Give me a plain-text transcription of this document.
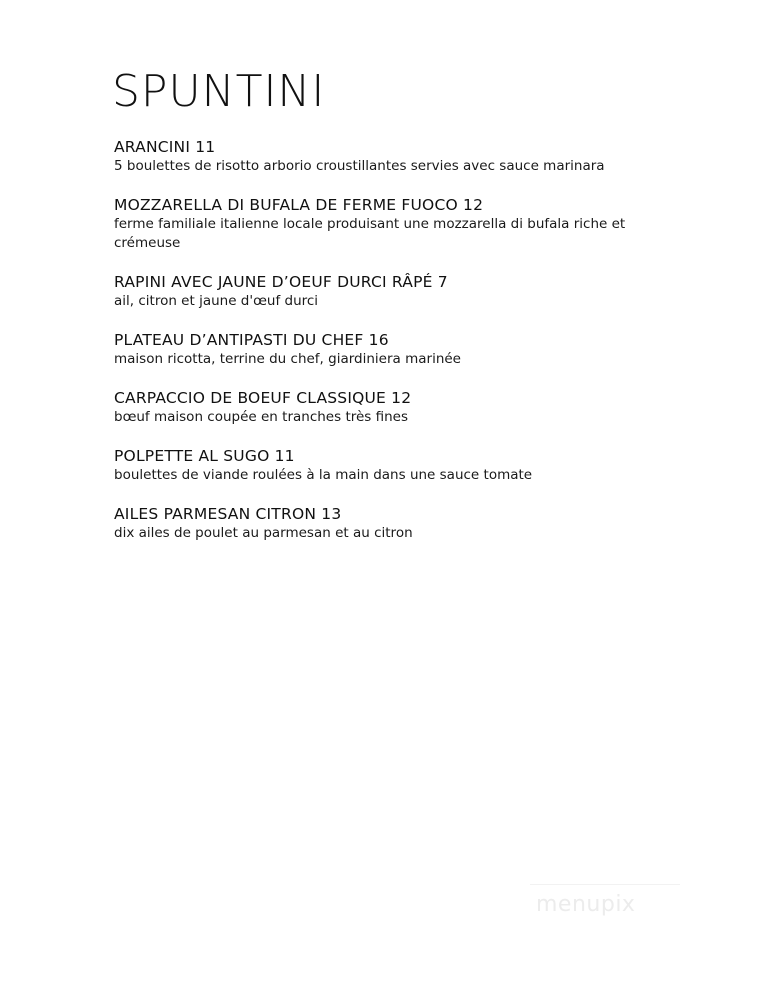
SPUNTINI
ARANCINI 11
5 boulettes de risotto arborio croustillantes servies avec sauce marinara
MOZZARELLA DI BUFALA DE FERME FUOCO 12
ferme familiale italienne locale produisant une mozzarella di bufala riche et crémeuse
RAPINI AVEC JAUNE D’OEUF DURCI RÂPÉ 7
ail, citron et jaune d'œuf durci
PLATEAU D’ANTIPASTI DU CHEF 16
maison ricotta, terrine du chef, giardiniera marinée
CARPACCIO DE BOEUF CLASSIQUE 12
bœuf maison coupée en tranches très fines
POLPETTE AL SUGO 11
boulettes de viande roulées à la main dans une sauce tomate
AILES PARMESAN CITRON 13
dix ailes de poulet au parmesan et au citron
menupix
